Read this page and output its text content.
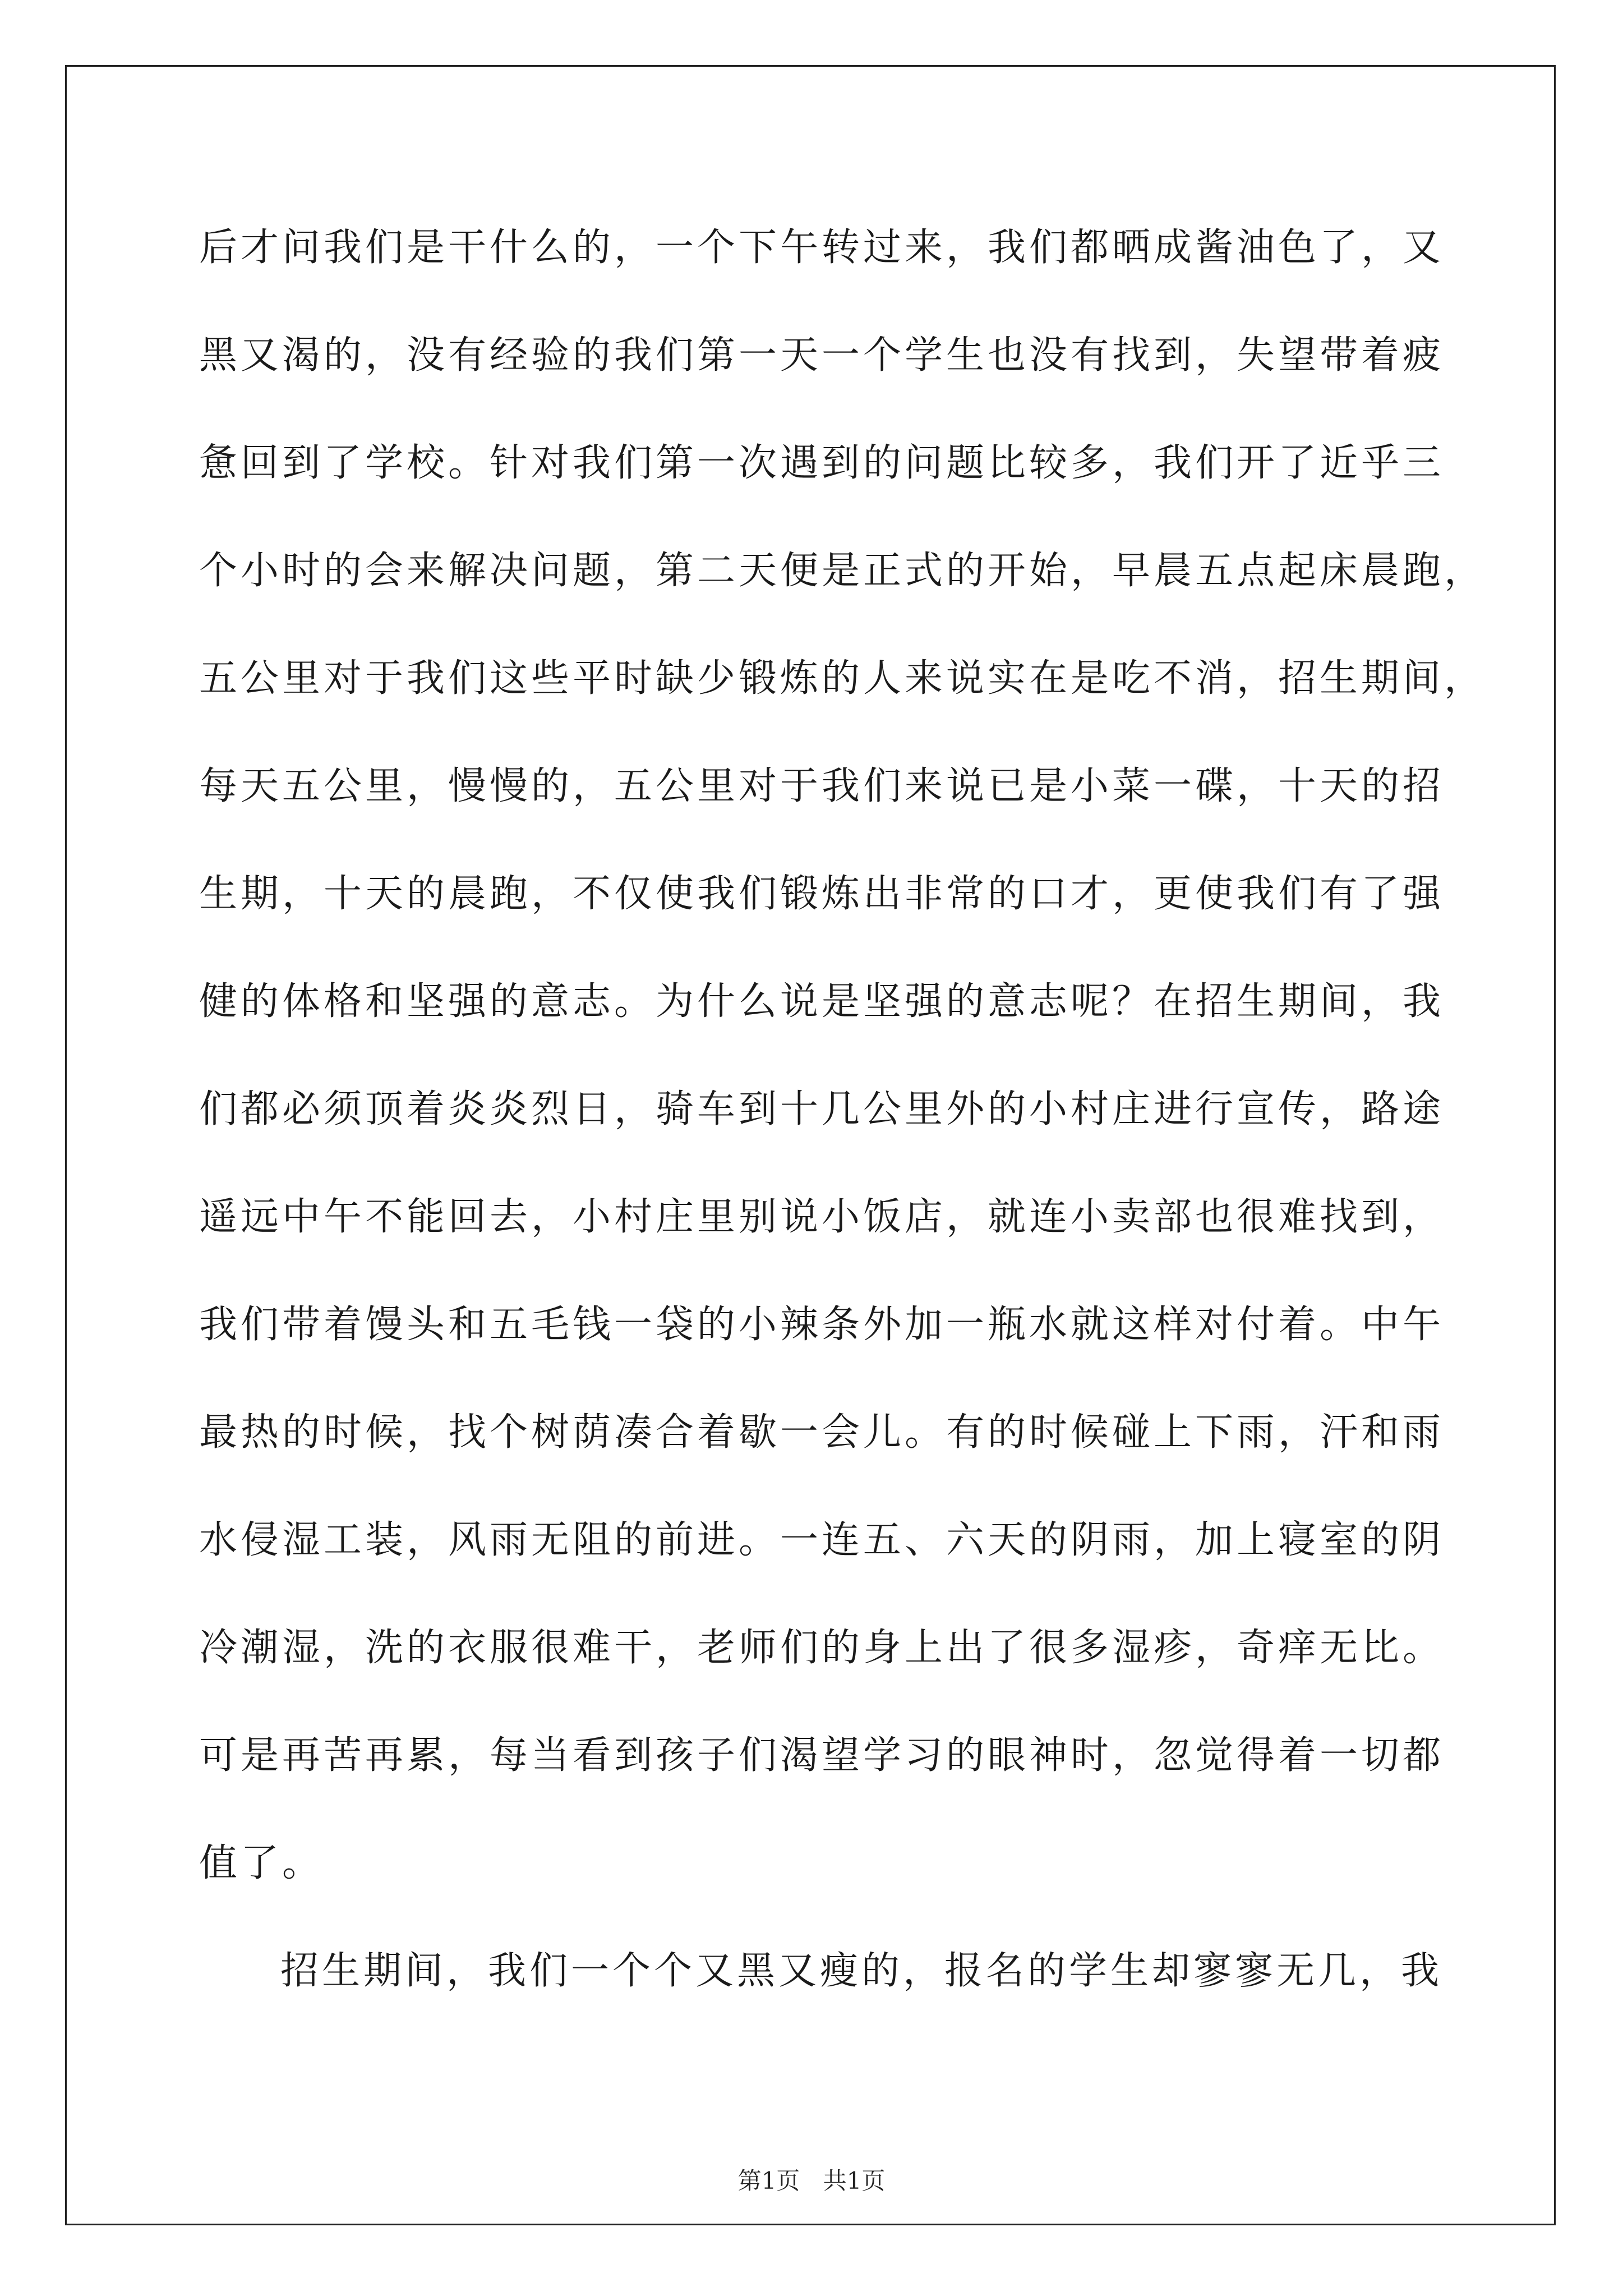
后才问我们是干什么的，一个下午转过来，我们都晒成酱油色了，又
黑又渴的，没有经验的我们第一天一个学生也没有找到，失望带着疲
惫回到了学校。针对我们第一次遇到的问题比较多，我们开了近乎三
个小时的会来解决问题，第二天便是正式的开始，早晨五点起床晨跑，
五公里对于我们这些平时缺少锻炼的人来说实在是吃不消，招生期间，
每天五公里，慢慢的，五公里对于我们来说已是小菜一碟，十天的招
生期，十天的晨跑，不仅使我们锻炼出非常的口才，更使我们有了强
健的体格和坚强的意志。为什么说是坚强的意志呢？在招生期间，我
们都必须顶着炎炎烈日，骑车到十几公里外的小村庄进行宣传，路途
遥远中午不能回去，小村庄里别说小饭店，就连小卖部也很难找到，
我们带着馒头和五毛钱一袋的小辣条外加一瓶水就这样对付着。中午
最热的时候，找个树荫凑合着歇一会儿。有的时候碰上下雨，汗和雨
水侵湿工装，风雨无阻的前进。一连五、六天的阴雨，加上寝室的阴
冷潮湿，洗的衣服很难干，老师们的身上出了很多湿疹，奇痒无比。
可是再苦再累，每当看到孩子们渴望学习的眼神时，忽觉得着一切都
值了。
招生期间，我们一个个又黑又瘦的，报名的学生却寥寥无几，我
第1页 共1页
